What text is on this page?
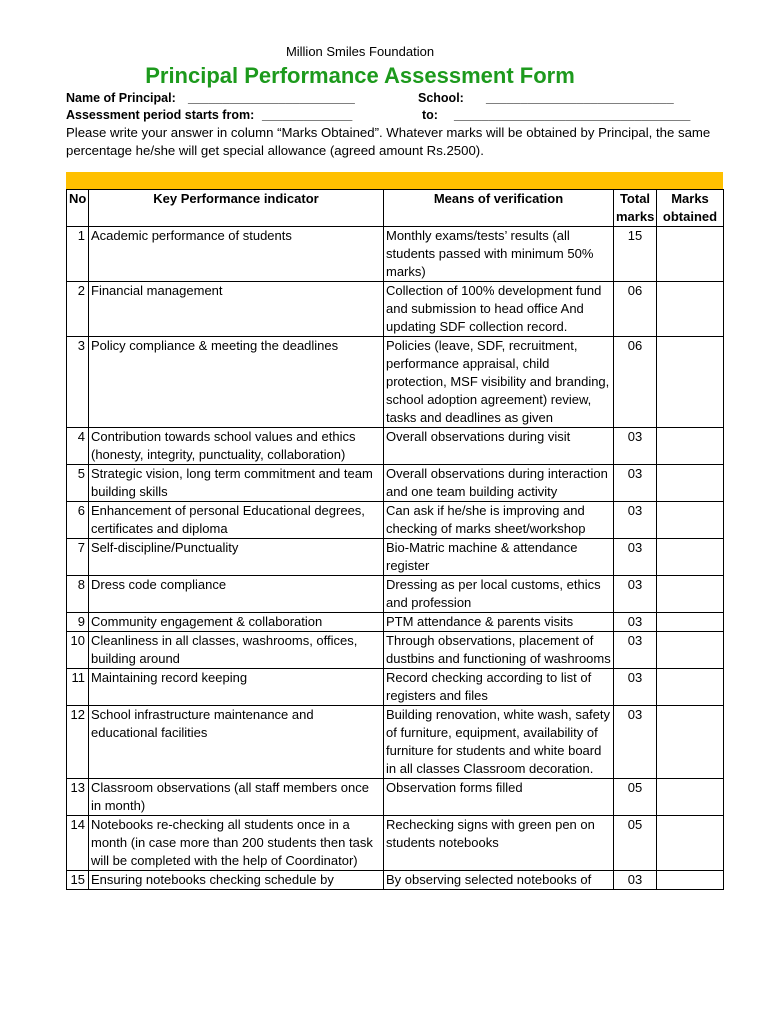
Million Smiles Foundation
Principal Performance Assessment Form
Name of Principal: ________________________	School: ___________________________
Assessment period starts from: _____________	to: __________________________________
Please write your answer in column “Marks Obtained”. Whatever marks will be obtained by Principal, the same percentage he/she will get special allowance (agreed amount Rs.2500).
No	Key Performance indicator	Means of verification	Total marks	Marks obtained
1	Academic performance of students	Monthly exams/tests’ results (all students passed with minimum 50% marks)	15	
2	Financial management	Collection of 100% development fund and submission to head office And updating SDF collection record.	06	
3	Policy compliance & meeting the deadlines	Policies (leave, SDF, recruitment, performance appraisal, child protection, MSF visibility and branding, school adoption agreement) review, tasks and deadlines as given	06	
4	Contribution towards school values and ethics (honesty, integrity, punctuality, collaboration)	Overall observations during visit	03	
5	Strategic vision, long term commitment and team building skills	Overall observations during interaction and one team building activity	03	
6	Enhancement of personal Educational degrees, certificates and diploma	Can ask if he/she is improving and checking of marks sheet/workshop	03	
7	Self-discipline/Punctuality	Bio-Matric machine & attendance register	03	
8	Dress code compliance	Dressing as per local customs, ethics and profession	03	
9	Community engagement & collaboration	PTM attendance & parents visits	03	
10	Cleanliness in all classes, washrooms, offices, building around	Through observations, placement of dustbins and functioning of washrooms	03	
11	Maintaining record keeping	Record checking according to list of registers and files	03	
12	School infrastructure maintenance and educational facilities	Building renovation, white wash, safety of furniture, equipment, availability of furniture for students and white board in all classes Classroom decoration.	03	
13	Classroom observations (all staff members once in month)	Observation forms filled	05	
14	Notebooks re-checking all students once in a month (in case more than 200 students then task will be completed with the help of Coordinator)	Rechecking signs with green pen on students notebooks	05	
15	Ensuring notebooks checking schedule by	By observing selected notebooks of	03	
